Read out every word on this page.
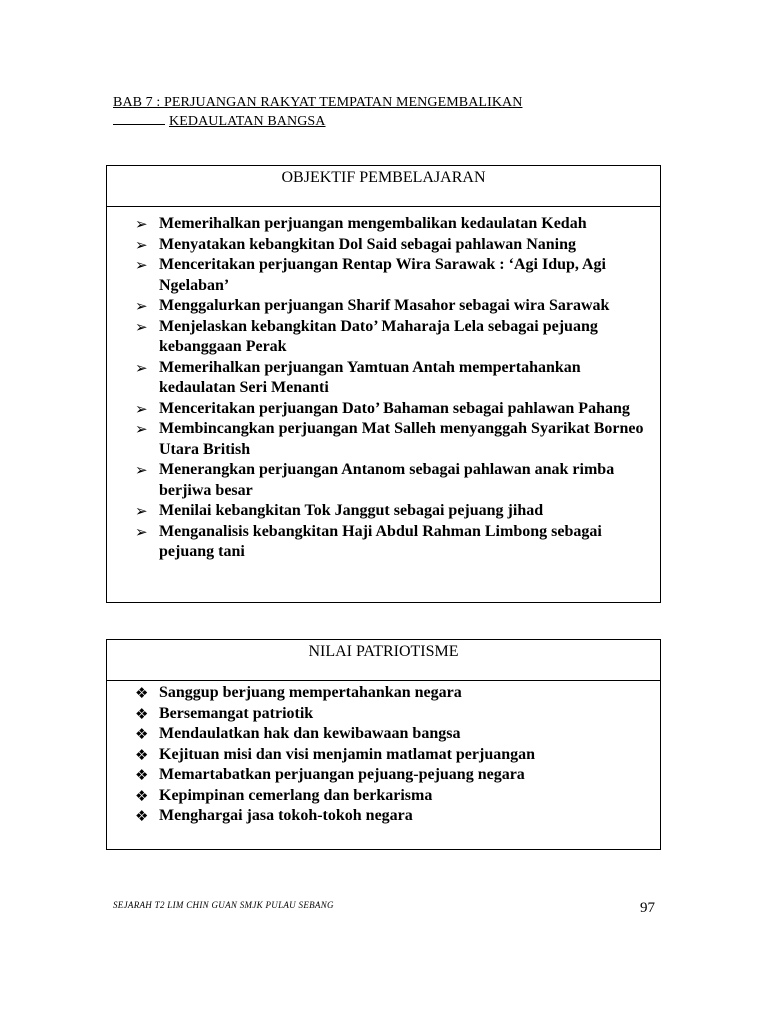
BAB 7 : PERJUANGAN RAKYAT TEMPATAN MENGEMBALIKAN
KEDAULATAN BANGSA
OBJEKTIF PEMBELAJARAN
➢ Memerihalkan perjuangan mengembalikan kedaulatan Kedah
➢ Menyatakan kebangkitan Dol Said sebagai pahlawan Naning
➢ Menceritakan perjuangan Rentap Wira Sarawak : ‘Agi Idup, Agi Ngelaban’
➢ Menggalurkan perjuangan Sharif Masahor sebagai wira Sarawak
➢ Menjelaskan kebangkitan Dato’ Maharaja Lela sebagai pejuang kebanggaan Perak
➢ Memerihalkan perjuangan Yamtuan Antah mempertahankan kedaulatan Seri Menanti
➢ Menceritakan perjuangan Dato’ Bahaman sebagai pahlawan Pahang
➢ Membincangkan perjuangan Mat Salleh menyanggah Syarikat Borneo Utara British
➢ Menerangkan perjuangan Antanom sebagai pahlawan anak rimba berjiwa besar
➢ Menilai kebangkitan Tok Janggut sebagai pejuang jihad
➢ Menganalisis kebangkitan Haji Abdul Rahman Limbong sebagai pejuang tani
NILAI PATRIOTISME
❖ Sanggup berjuang mempertahankan negara
❖ Bersemangat patriotik
❖ Mendaulatkan hak dan kewibawaan bangsa
❖ Kejituan misi dan visi menjamin matlamat perjuangan
❖ Memartabatkan perjuangan pejuang-pejuang negara
❖ Kepimpinan cemerlang dan berkarisma
❖ Menghargai jasa tokoh-tokoh negara
SEJARAH T2 LIM CHIN GUAN SMJK PULAU SEBANG	97
